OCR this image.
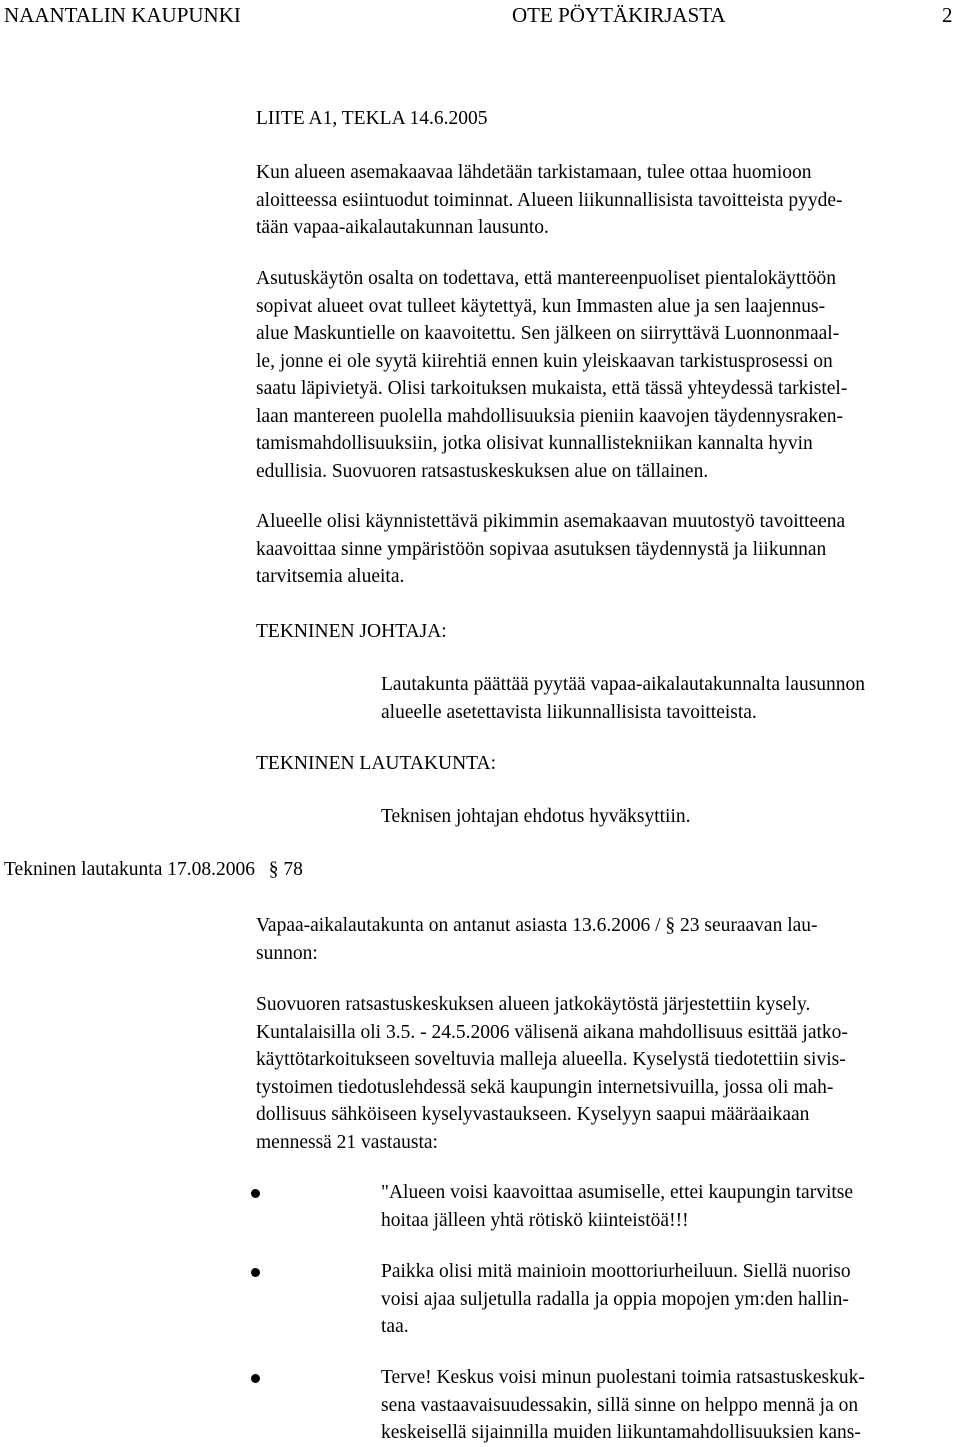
NAANTALIN KAUPUNKI	OTE PÖYTÄKIRJASTA	2
LIITE A1, TEKLA 14.6.2005
Kun alueen asemakaavaa lähdetään tarkistamaan, tulee ottaa huomioon
aloitteessa esiintuodut toiminnat. Alueen liikunnallisista tavoitteista pyyde-
tään vapaa-aikalautakunnan lausunto.
Asutuskäytön osalta on todettava, että mantereenpuoliset pientalokäyttöön
sopivat alueet ovat tulleet käytettyä, kun Immasten alue ja sen laajennus-
alue Maskuntielle on kaavoitettu. Sen jälkeen on siirryttävä Luonnonmaal-
le, jonne ei ole syytä kiirehtiä ennen kuin yleiskaavan tarkistusprosessi on
saatu läpivietyä. Olisi tarkoituksen mukaista, että tässä yhteydessä tarkistel-
laan mantereen puolella mahdollisuuksia pieniin kaavojen täydennysraken-
tamismahdollisuuksiin, jotka olisivat kunnallistekniikan kannalta hyvin
edullisia. Suovuoren ratsastuskeskuksen alue on tällainen.
Alueelle olisi käynnistettävä pikimmin asemakaavan muutostyö tavoitteena
kaavoittaa sinne ympäristöön sopivaa asutuksen täydennystä ja liikunnan
tarvitsemia alueita.
TEKNINEN JOHTAJA:
Lautakunta päättää pyytää vapaa-aikalautakunnalta lausunnon
alueelle asetettavista liikunnallisista tavoitteista.
TEKNINEN LAUTAKUNTA:
Teknisen johtajan ehdotus hyväksyttiin.
Tekninen lautakunta 17.08.2006 § 78
Vapaa-aikalautakunta on antanut asiasta 13.6.2006 / § 23 seuraavan lau-
sunnon:
Suovuoren ratsastuskeskuksen alueen jatkokäytöstä järjestettiin kysely.
Kuntalaisilla oli 3.5. - 24.5.2006 välisenä aikana mahdollisuus esittää jatko-
käyttötarkoitukseen soveltuvia malleja alueella. Kyselystä tiedotettiin sivis-
tystoimen tiedotuslehdessä sekä kaupungin internetsivuilla, jossa oli mah-
dollisuus sähköiseen kyselyvastaukseen. Kyselyyn saapui määräaikaan
mennessä 21 vastausta:
"Alueen voisi kaavoittaa asumiselle, ettei kaupungin tarvitse
hoitaa jälleen yhtä rötiskö kiinteistöä!!!
Paikka olisi mitä mainioin moottoriurheiluun. Siellä nuoriso
voisi ajaa suljetulla radalla ja oppia mopojen ym:den hallin-
taa.
Terve! Keskus voisi minun puolestani toimia ratsastuskeskuk-
sena vastaavaisuudessakin, sillä sinne on helppo mennä ja on
keskeisellä sijainnilla muiden liikuntamahdollisuuksien kans-
